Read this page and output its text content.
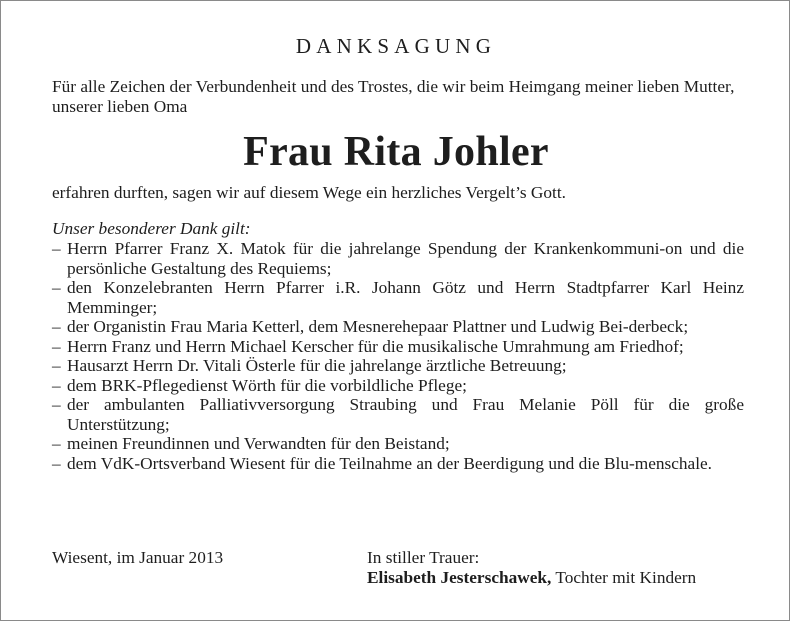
DANKSAGUNG
Für alle Zeichen der Verbundenheit und des Trostes, die wir beim Heimgang meiner lieben Mutter, unserer lieben Oma
Frau Rita Johler
erfahren durften, sagen wir auf diesem Wege ein herzliches Vergelt’s Gott.
Unser besonderer Dank gilt:
– Herrn Pfarrer Franz X. Matok für die jahrelange Spendung der Krankenkommuni-on und die persönliche Gestaltung des Requiems;
– den Konzelebranten Herrn Pfarrer i.R. Johann Götz und Herrn Stadtpfarrer Karl Heinz Memminger;
– der Organistin Frau Maria Ketterl, dem Mesnerehepaar Plattner und Ludwig Bei-derbeck;
– Herrn Franz und Herrn Michael Kerscher für die musikalische Umrahmung am Friedhof;
– Hausarzt Herrn Dr. Vitali Österle für die jahrelange ärztliche Betreuung;
– dem BRK-Pflegedienst Wörth für die vorbildliche Pflege;
– der ambulanten Palliativversorgung Straubing und Frau Melanie Pöll für die große Unterstützung;
– meinen Freundinnen und Verwandten für den Beistand;
– dem VdK-Ortsverband Wiesent für die Teilnahme an der Beerdigung und die Blu-menschale.
Wiesent, im Januar 2013	In stiller Trauer:
Elisabeth Jesterschawek, Tochter mit Kindern
